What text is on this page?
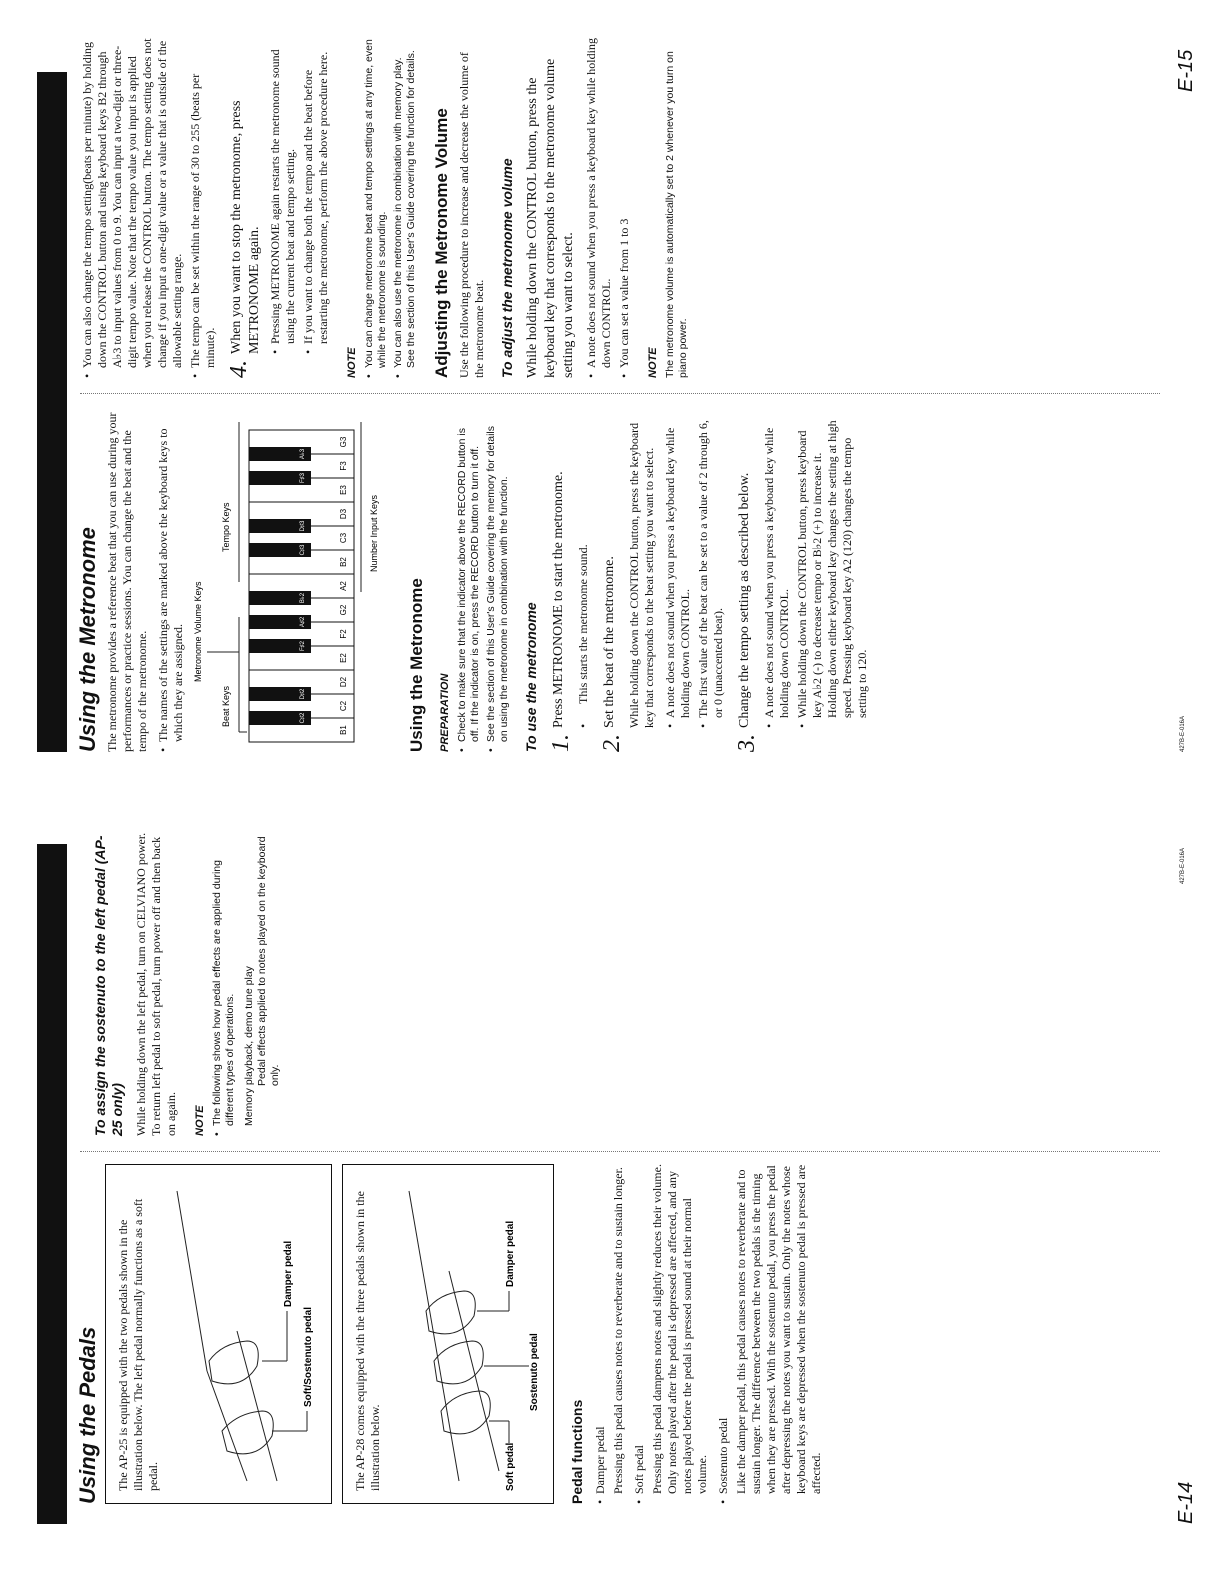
Using the Pedals The AP-25 is equipped with the two pedals shown in the illustration below. The left pedal normally functions as a soft pedal.

Damper pedal
Soft/Sostenuto pedal	The AP-28 comes equipped with the three pedals shown in the illustration below.	Soft pedal
Sostenuto pedal
Damper pedal
Pedal functions • Damper pedal Pressing this pedal causes notes to reverberate and to sustain longer. • Soft pedal Pressing this pedal dampens notes and slightly reduces their volume. Only notes played after the pedal is depressed are affected, and any notes played before the pedal is pressed sound at their normal volume. • Sostenuto pedal Like the damper pedal, this pedal causes notes to reverberate and to sustain longer. The difference between the two pedals is the timing when they are pressed. With the sostenuto pedal, you press the pedal after depressing the notes you want to sustain. Only the notes whose keyboard keys are depressed when the sostenuto pedal is pressed are affected.

To assign the sostenuto to the left pedal (AP-25 only) While holding down the left pedal, turn on CELVIANO power. To return left pedal to soft pedal, turn power off and then back on again. NOTE • The following shows how pedal effects are applied during different types of operations. Memory playback, demo tune play Pedal effects applied to notes played on the keyboard only.
E-14
427B-E-016A
Using the Metronome The metronome provides a reference beat that you can use during your performances or practice sessions. You can change the beat and the tempo of the metronome. • The names of the settings are marked above the keyboard keys to which they are assigned. Metronome Volume Keys
Beat Keys
Tempo Keys	Number Input Keys
B1
C2
D2
E2
F2
G2
A2
B2
C3
D3
E3
F3
G3
C♯2
D♯2
F♯2
A♯2
B♭2
C♯3
D♯3
F♯3
A♭3
Using the Metronome PREPARATION • Check to make sure that the indicator above the RECORD button is off. If the indicator is on, press the RECORD button to turn it off. • See the section of this User's Guide covering the memory for details on using the metronome in combination with the function. To use the metronome 1.
Press METRONOME to start the metronome. • This starts the metronome sound.
2.
Set the beat of the metronome. While holding down the CONTROL button, press the keyboard key that corresponds to the beat setting you want to select. • A note does not sound when you press a keyboard key while holding down CONTROL. • The first value of the beat can be set to a value of 2 through 6, or 0 (unaccented beat).
3.
Change the tempo setting as described below. • A note does not sound when you press a keyboard key while holding down CONTROL. • While holding down the CONTROL button, press keyboard key A♭2 (-) to decrease tempo or B♭2 (+) to increase it. Holding down either keyboard key changes the setting at high speed. Pressing keyboard key A2 (120) changes the tempo setting to 120.
• You can also change the tempo setting(beats per minute) by holding down the CONTROL button and using keyboard keys B2 through A♭3 to input values from 0 to 9. You can input a two-digit or three-digit tempo value. Note that the tempo value you input is applied when you release the CONTROL button. The tempo setting does not change if you input a one-digit value or a value that is outside of the allowable setting range. • The tempo can be set within the range of 30 to 255 (beats per minute).
4.
When you want to stop the metronome, press METRONOME again. • Pressing METRONOME again restarts the metronome sound using the current beat and tempo setting. • If you want to change both the tempo and the beat before restarting the metronome, perform the above procedure here.
NOTE • You can change metronome beat and tempo settings at any time, even while the metronome is sounding. • You can also use the metronome in combination with memory play. See the section of this User's Guide covering the function for details. Adjusting the Metronome Volume Use the following procedure to increase and decrease the volume of the metronome beat. To adjust the metronome volume While holding down the CONTROL button, press the keyboard key that corresponds to the metronome volume setting you want to select. • A note does not sound when you press a keyboard key while holding down CONTROL. • You can set a value from 1 to 3 NOTE The metronome volume is automatically set to 2 whenever you turn on piano power.
427B-E-016A
E-15
